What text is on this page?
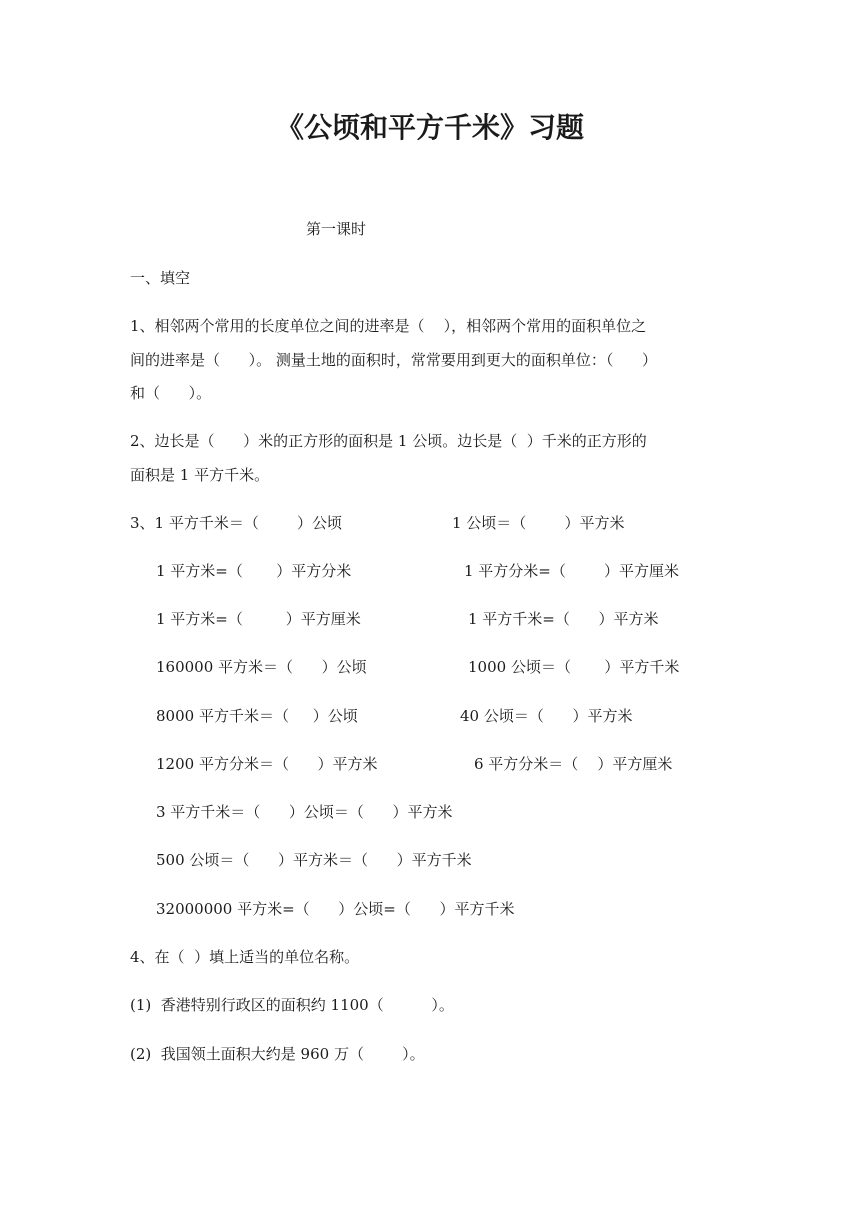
《公顷和平方千米》习题
第一课时
一、填空
1、相邻两个常用的长度单位之间的进率是（    ），相邻两个常用的面积单位之
间的进率是（      ）。 测量土地的面积时，常常要用到更大的面积单位：（      ）
和（      ）。
2、边长是（      ）米的正方形的面积是 1 公顷。边长是（  ）千米的正方形的
面积是 1 平方千米。
3、1 平方千米＝（        ）公顷	1 公顷＝（        ）平方米
1 平方米=（       ）平方分米	1 平方分米=（        ）平方厘米
1 平方米=（         ）平方厘米	1 平方千米=（      ）平方米
160000 平方米＝（      ）公顷	1000 公顷＝（       ）平方千米
8000 平方千米＝（     ）公顷	40 公顷＝（      ）平方米
1200 平方分米＝（      ）平方米	6 平方分米＝（    ）平方厘米
3 平方千米＝（      ）公顷＝（      ）平方米
500 公顷＝（      ）平方米＝（      ）平方千米
32000000 平方米=（      ）公顷=（      ）平方千米
4、在（  ）填上适当的单位名称。
(1)  香港特别行政区的面积约 1100（          ）。
(2)  我国领土面积大约是 960 万（        ）。
